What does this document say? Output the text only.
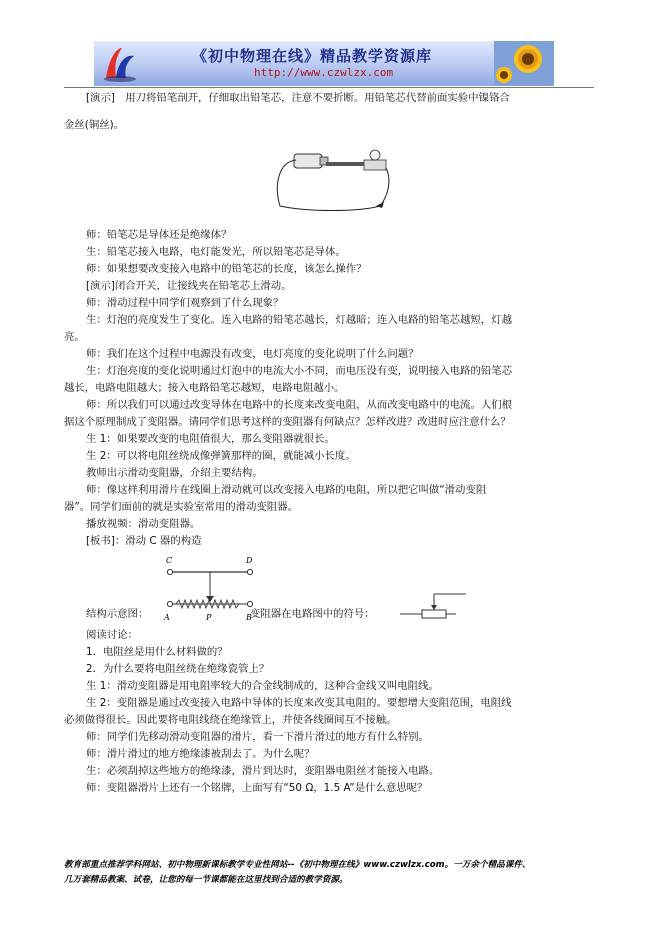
《初中物理在线》精品教学资源库
http://www.czwlzx.com
[演示]　用刀将铅笔剖开，仔细取出铅笔芯，注意不要折断。用铅笔芯代替前面实验中镍铬合
金丝(铜丝)。
师：铅笔芯是导体还是绝缘体？
生：铅笔芯接入电路，电灯能发光，所以铅笔芯是导体。
师：如果想要改变接入电路中的铅笔芯的长度，该怎么操作？
[演示]闭合开关，让接线夹在铅笔芯上滑动。
师：滑动过程中同学们观察到了什么现象？
生：灯泡的亮度发生了变化。连入电路的铅笔芯越长，灯越暗；连入电路的铅笔芯越短，灯越
亮。
师：我们在这个过程中电源没有改变，电灯亮度的变化说明了什么问题？
生：灯泡亮度的变化说明通过灯泡中的电流大小不同，而电压没有变，说明接入电路的铅笔芯
越长，电路电阻越大；接入电路铅笔芯越短，电路电阻越小。
师：所以我们可以通过改变导体在电路中的长度来改变电阻，从而改变电路中的电流。人们根
据这个原理制成了变阻器。请同学们思考这样的变阻器有何缺点？怎样改进？改进时应注意什么？
生 1：如果要改变的电阻值很大，那么变阻器就很长。
生 2：可以将电阻丝绕成像弹簧那样的圈，就能减小长度。
教师出示滑动变阻器，介绍主要结构。
师：像这样利用滑片在线圈上滑动就可以改变接入电路的电阻，所以把它叫做“滑动变阻
器”。同学们面前的就是实验室常用的滑动变阻器。
播放视频：滑动变阻器。
[板书]：滑动 C 器的构造
C	D
A	P	B
结构示意图：	变阻器在电路图中的符号：
阅读讨论：
1．电阻丝是用什么材料做的？
2．为什么要将电阻丝绕在绝缘瓷管上？
生 1：滑动变阻器是用电阻率较大的合金线制成的，这种合金线又叫电阻线。
生 2：变阻器是通过改变接入电路中导体的长度来改变其电阻的。要想增大变阻范围，电阻线
必须做得很长。因此要将电阻线绕在绝缘管上，并使各线圈间互不接触。
师：同学们先移动滑动变阻器的滑片，看一下滑片滑过的地方有什么特别。
师：滑片滑过的地方绝缘漆被刮去了。为什么呢？
生：必须刮掉这些地方的绝缘漆，滑片到达时，变阻器电阻丝才能接入电路。
师：变阻器滑片上还有一个铭牌，上面写有“50 Ω，1.5 A”是什么意思呢？
教育部重点推荐学科网站、初中物理新课标教学专业性网站--《初中物理在线》www.czwlzx.com。一万余个精品课件、
几万套精品教案、试卷，让您的每一节课都能在这里找到合适的教学资源。
